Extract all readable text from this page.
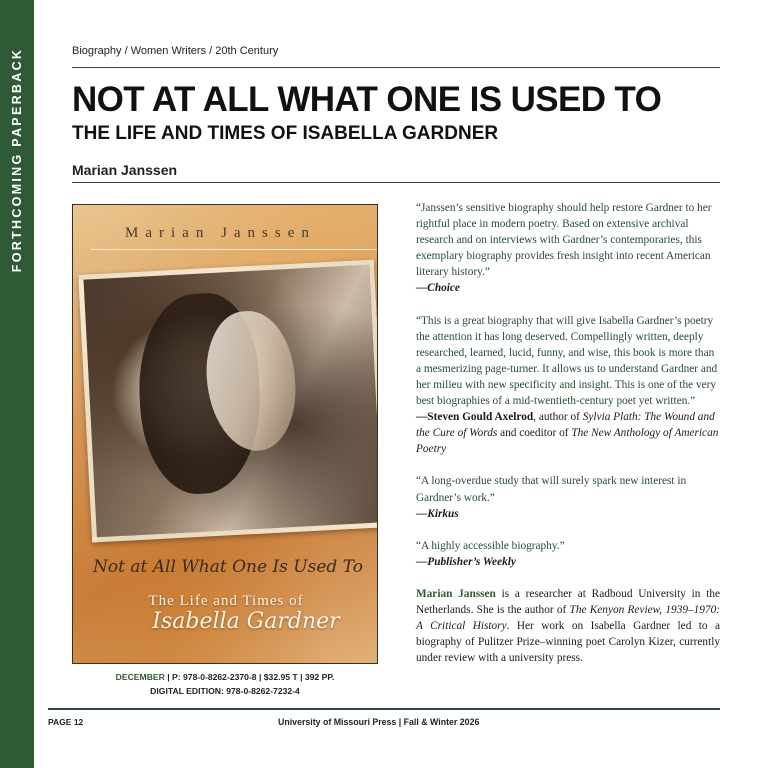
FORTHCOMING PAPERBACK	Biography / Women Writers / 20th Century
NOT AT ALL WHAT ONE IS USED TO
THE LIFE AND TIMES OF ISABELLA GARDNER
Marian Janssen
Marian Janssen
Not at All What One Is Used To
The Life and Times of
Isabella Gardner
DECEMBER | P: 978-0-8262-2370-8 | $32.95 T | 392 PP.
DIGITAL EDITION: 978-0-8262-7232-4
“Janssen’s sensitive biography should help restore Gardner to her rightful place in modern poetry. Based on extensive archival research and on interviews with Gardner’s contemporaries, this exemplary biography provides fresh insight into recent American literary history.”
—Choice
“This is a great biography that will give Isabella Gardner’s poetry the attention it has long deserved. Compellingly written, deeply researched, learned, lucid, funny, and wise, this book is more than a mesmerizing page-turner. It allows us to understand Gardner and her milieu with new specificity and insight. This is one of the very best biographies of a mid-twentieth-century poet yet written.”
—Steven Gould Axelrod, author of Sylvia Plath: The Wound and the Cure of Words and coeditor of The New Anthology of American Poetry
“A long-overdue study that will surely spark new interest in Gardner’s work.”
—Kirkus
“A highly accessible biography.”
—Publisher’s Weekly
Marian Janssen is a researcher at Radboud University in the Netherlands. She is the author of The Kenyon Review, 1939–1970: A Critical History. Her work on Isabella Gardner led to a biography of Pulitzer Prize–winning poet Carolyn Kizer, currently under review with a university press.
PAGE 12	University of Missouri Press | Fall & Winter 2026
